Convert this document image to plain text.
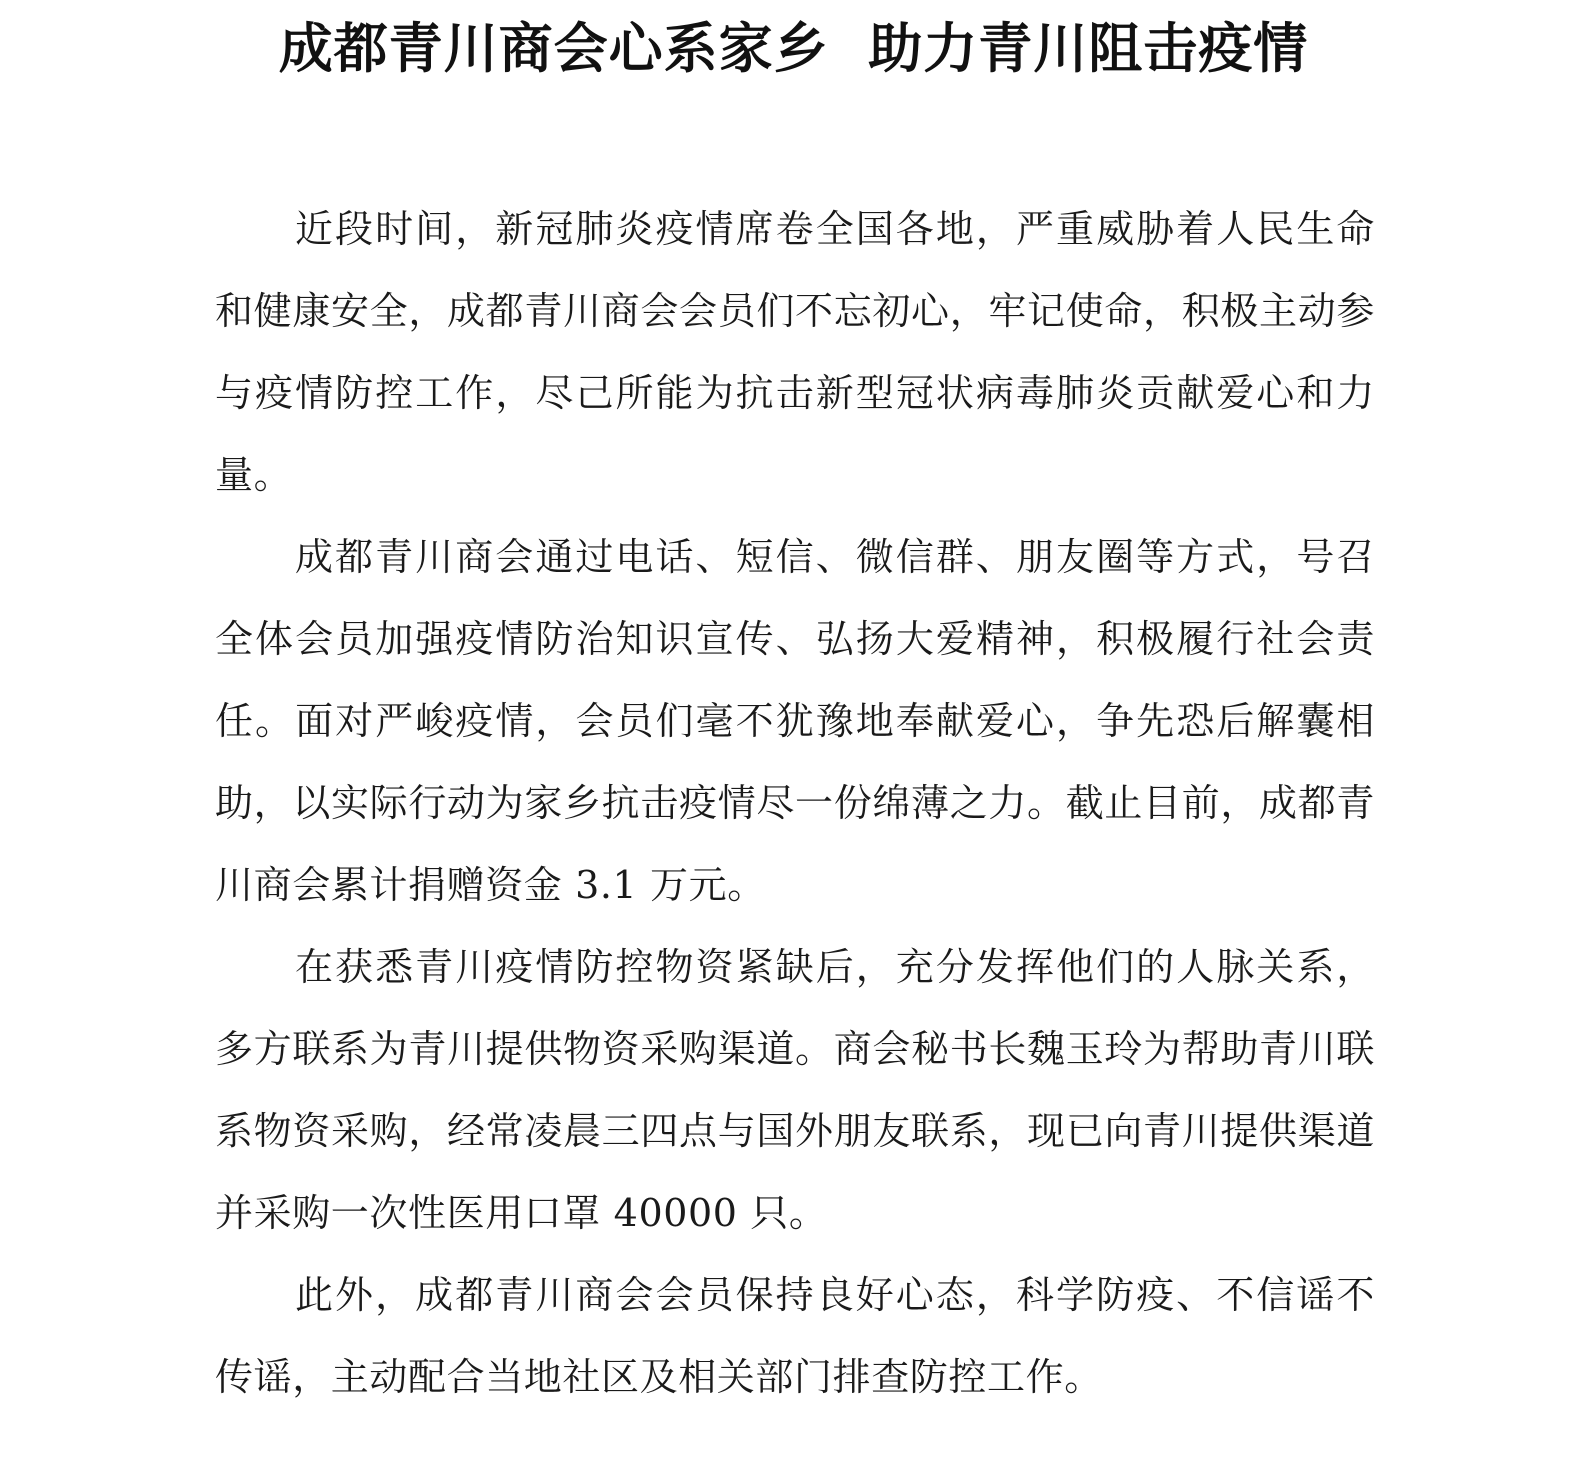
成都青川商会心系家乡  助力青川阻击疫情

近段时间，新冠肺炎疫情席卷全国各地，严重威胁着人民生命和健康安全，成都青川商会会员们不忘初心，牢记使命，积极主动参与疫情防控工作，尽己所能为抗击新型冠状病毒肺炎贡献爱心和力量。

成都青川商会通过电话、短信、微信群、朋友圈等方式，号召全体会员加强疫情防治知识宣传、弘扬大爱精神，积极履行社会责任。面对严峻疫情，会员们毫不犹豫地奉献爱心，争先恐后解囊相助，以实际行动为家乡抗击疫情尽一份绵薄之力。截止目前，成都青川商会累计捐赠资金 3.1 万元。

在获悉青川疫情防控物资紧缺后，充分发挥他们的人脉关系，多方联系为青川提供物资采购渠道。商会秘书长魏玉玲为帮助青川联系物资采购，经常凌晨三四点与国外朋友联系，现已向青川提供渠道并采购一次性医用口罩 40000 只。

此外，成都青川商会会员保持良好心态，科学防疫、不信谣不传谣，主动配合当地社区及相关部门排查防控工作。
